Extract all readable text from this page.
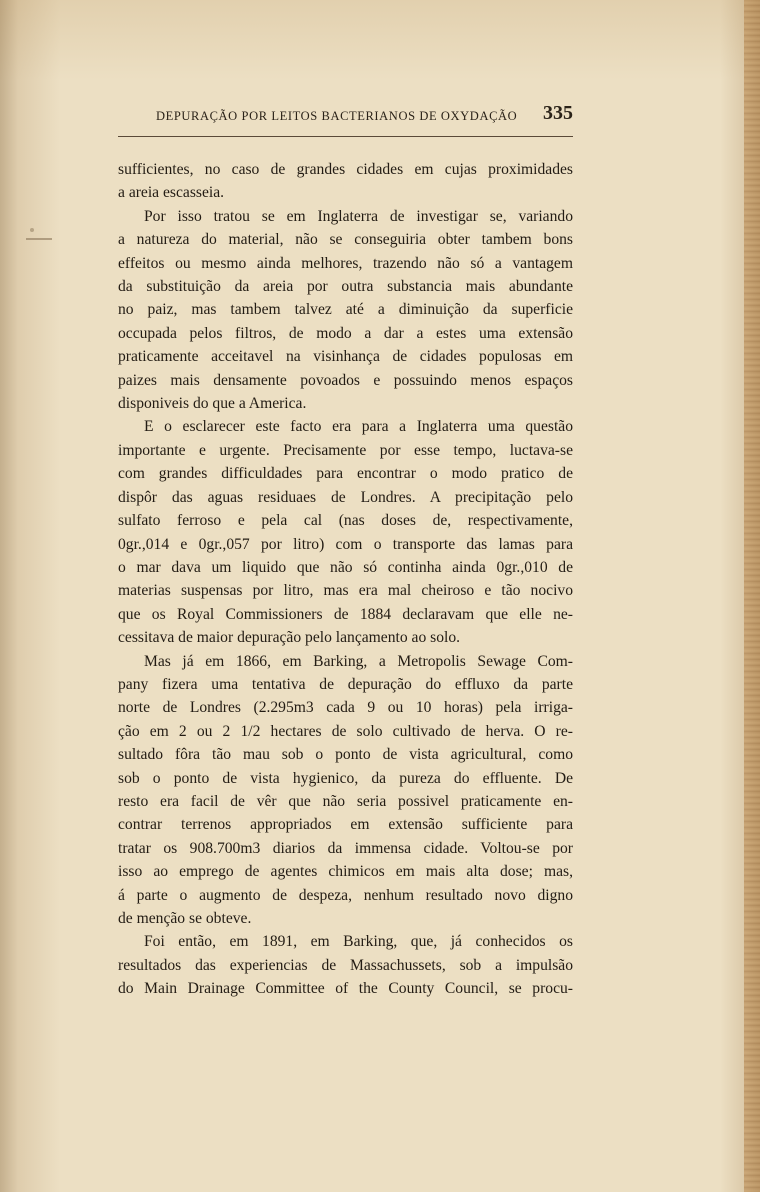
DEPURAÇÃO POR LEITOS BACTERIANOS DE OXYDAÇÃO 335

sufficientes, no caso de grandes cidades em cujas proximidades
a areia escasseia.

Por isso tratou se em Inglaterra de investigar se, variando
a natureza do material, não se conseguiria obter tambem bons
effeitos ou mesmo ainda melhores, trazendo não só a vantagem
da substituição da areia por outra substancia mais abundante
no paiz, mas tambem talvez até a diminuição da superficie
occupada pelos filtros, de modo a dar a estes uma extensão
praticamente acceitavel na visinhança de cidades populosas em
paizes mais densamente povoados e possuindo menos espaços
disponiveis do que a America.

E o esclarecer este facto era para a Inglaterra uma questão
importante e urgente. Precisamente por esse tempo, luctava-se
com grandes difficuldades para encontrar o modo pratico de
dispôr das aguas residuaes de Londres. A precipitação pelo
sulfato ferroso e pela cal (nas doses de, respectivamente,
0gr.,014 e 0gr.,057 por litro) com o transporte das lamas para
o mar dava um liquido que não só continha ainda 0gr.,010 de
materias suspensas por litro, mas era mal cheiroso e tão nocivo
que os Royal Commissioners de 1884 declaravam que elle ne-
cessitava de maior depuração pelo lançamento ao solo.

Mas já em 1866, em Barking, a Metropolis Sewage Com-
pany fizera uma tentativa de depuração do effluxo da parte
norte de Londres (2.295m3 cada 9 ou 10 horas) pela irriga-
ção em 2 ou 2 1/2 hectares de solo cultivado de herva. O re-
sultado fôra tão mau sob o ponto de vista agricultural, como
sob o ponto de vista hygienico, da pureza do effluente. De
resto era facil de vêr que não seria possivel praticamente en-
contrar terrenos appropriados em extensão sufficiente para
tratar os 908.700m3 diarios da immensa cidade. Voltou-se por
isso ao emprego de agentes chimicos em mais alta dose; mas,
á parte o augmento de despeza, nenhum resultado novo digno
de menção se obteve.

Foi então, em 1891, em Barking, que, já conhecidos os
resultados das experiencias de Massachussets, sob a impulsão
do Main Drainage Committee of the County Council, se procu-
